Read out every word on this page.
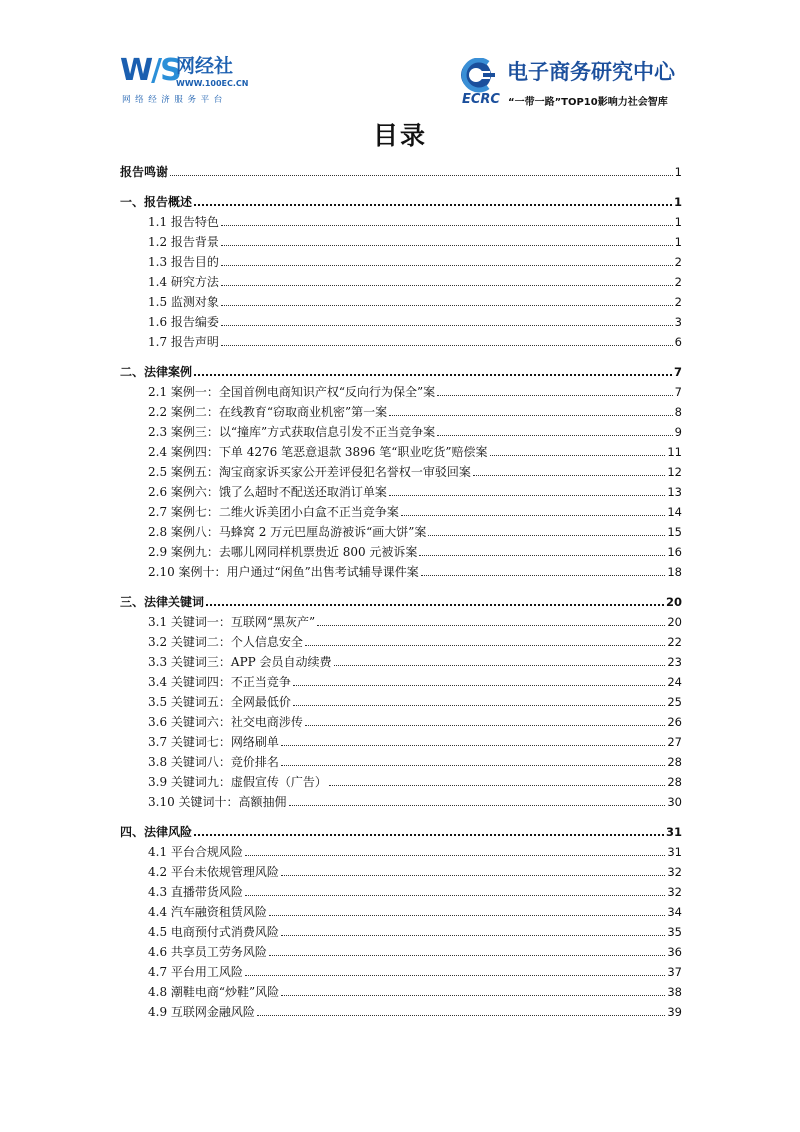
W/S
网经社
WWW.100EC.CN
网络经济服务平台
电子商务研究中心
ECRC “一带一路”TOP10影响力社会智库
目录
报告鸣谢	1
一、报告概述	1
1.1 报告特色	1
1.2 报告背景	1
1.3 报告目的	2
1.4 研究方法	2
1.5 监测对象	2
1.6 报告编委	3
1.7 报告声明	6
二、法律案例	7
2.1 案例一：全国首例电商知识产权“反向行为保全”案	7
2.2 案例二：在线教育“窃取商业机密”第一案	8
2.3 案例三：以“撞库”方式获取信息引发不正当竞争案	9
2.4 案例四：下单 4276 笔恶意退款 3896 笔“职业吃货”赔偿案	11
2.5 案例五：淘宝商家诉买家公开差评侵犯名誉权一审驳回案	12
2.6 案例六：饿了么超时不配送还取消订单案	13
2.7 案例七：二维火诉美团小白盒不正当竞争案	14
2.8 案例八：马蜂窝 2 万元巴厘岛游被诉“画大饼”案	15
2.9 案例九：去哪儿网同样机票贵近 800 元被诉案	16
2.10 案例十：用户通过“闲鱼”出售考试辅导课件案	18
三、法律关键词	20
3.1 关键词一：互联网“黑灰产”	20
3.2 关键词二：个人信息安全	22
3.3 关键词三：APP 会员自动续费	23
3.4 关键词四：不正当竞争	24
3.5 关键词五：全网最低价	25
3.6 关键词六：社交电商涉传	26
3.7 关键词七：网络刷单	27
3.8 关键词八：竞价排名	28
3.9 关键词九：虚假宣传（广告）	28
3.10 关键词十：高额抽佣	30
四、法律风险	31
4.1 平台合规风险	31
4.2 平台未依规管理风险	32
4.3 直播带货风险	32
4.4 汽车融资租赁风险	34
4.5 电商预付式消费风险	35
4.6 共享员工劳务风险	36
4.7 平台用工风险	37
4.8 潮鞋电商“炒鞋”风险	38
4.9 互联网金融风险	39
